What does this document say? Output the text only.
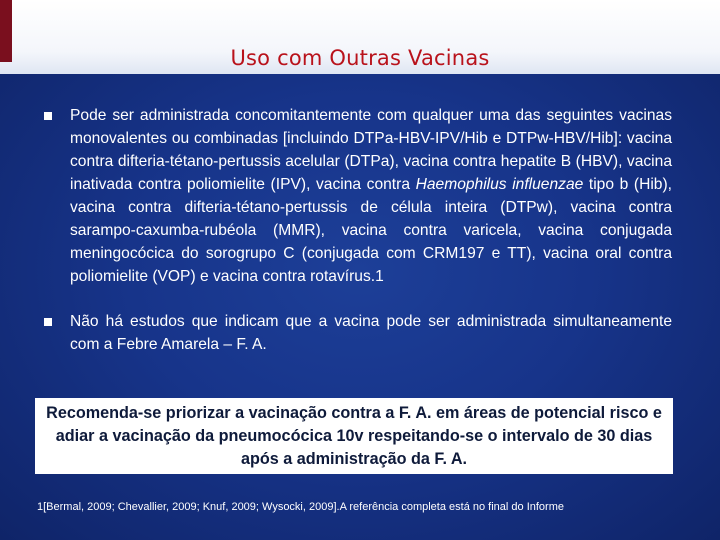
Uso com Outras Vacinas
Pode ser administrada concomitantemente com qualquer uma das seguintes vacinas monovalentes ou combinadas [incluindo DTPa-HBV-IPV/Hib e DTPw-HBV/Hib]: vacina contra difteria-tétano-pertussis acelular (DTPa), vacina contra hepatite B (HBV), vacina inativada contra poliomielite (IPV), vacina contra Haemophilus influenzae tipo b (Hib), vacina contra difteria-tétano-pertussis de célula inteira (DTPw), vacina contra sarampo-caxumba-rubéola (MMR), vacina contra varicela, vacina conjugada meningocócica do sorogrupo C (conjugada com CRM197 e TT), vacina oral contra poliomielite (VOP) e vacina contra rotavírus.1
Não há estudos que indicam que a vacina pode ser administrada simultaneamente com a Febre Amarela – F. A.
Recomenda-se priorizar a vacinação contra a F. A. em áreas de potencial risco e adiar a vacinação da pneumocócica 10v respeitando-se o intervalo de 30 dias após a administração da F. A.
1[Bermal, 2009; Chevallier, 2009; Knuf, 2009; Wysocki, 2009].A referência completa está no final do Informe
